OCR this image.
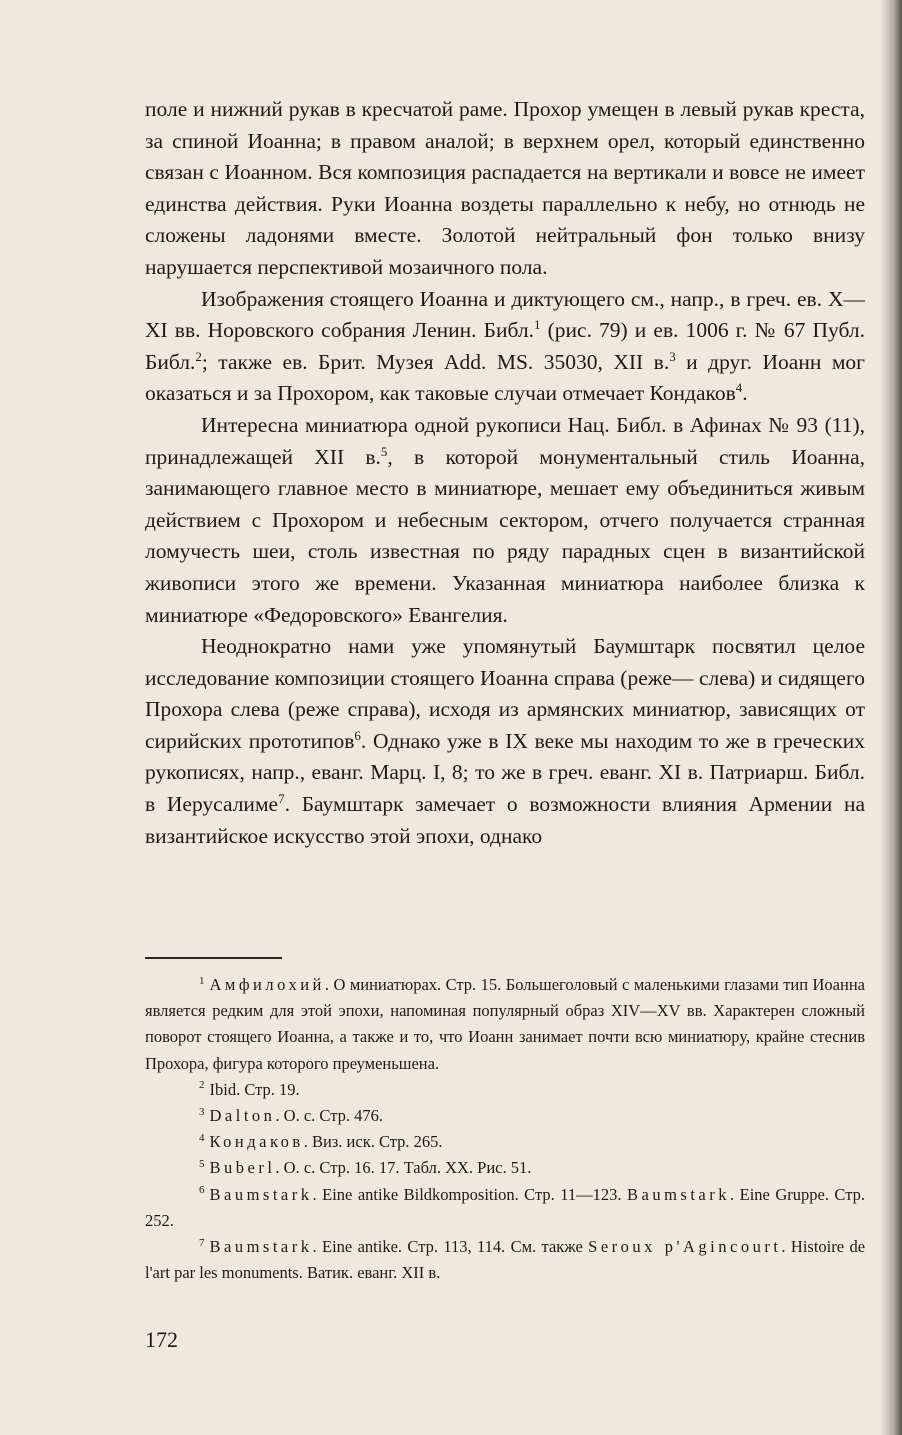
поле и нижний рукав в кресчатой раме. Прохор умещен в левый рукав креста, за спиной Иоанна; в правом аналой; в верхнем орел, который единственно связан с Иоанном. Вся композиция распадается на вертикали и вовсе не имеет единства действия. Руки Иоанна воздеты параллельно к небу, но отнюдь не сложены ладонями вместе. Золотой нейтральный фон только внизу нарушается перспективой мозаичного пола.

Изображения стоящего Иоанна и диктующего см., напр., в греч. ев. X—XI вв. Норовского собрания Ленин. Библ.$^1$ (рис. 79) и ев. 1006 г. № 67 Публ. Библ.$^2$; также ев. Брит. Музея Add. MS. 35030, XII в.$^3$ и друг. Иоанн мог оказаться и за Прохором, как таковые случаи отмечает Кондаков$^4$.

Интересна миниатюра одной рукописи Нац. Библ. в Афинах № 93 (11), принадлежащей XII в.$^5$, в которой монументальный стиль Иоанна, занимающего главное место в миниатюре, мешает ему объединиться живым действием с Прохором и небесным сектором, отчего получается странная ломучесть шеи, столь известная по ряду парадных сцен в византийской живописи этого же времени. Указанная миниатюра наиболее близка к миниатюре «Федоровского» Евангелия.

Неоднократно нами уже упомянутый Баумштарк посвятил целое исследование композиции стоящего Иоанна справа (реже— слева) и сидящего Прохора слева (реже справа), исходя из армянских миниатюр, зависящих от сирийских прототипов$^6$. Однако уже в IX веке мы находим то же в греческих рукописях, напр., еванг. Марц. I, 8; то же в греч. еванг. XI в. Патриарш. Библ. в Иерусалиме$^7$. Баумштарк замечает о возможности влияния Армении на византийское искусство этой эпохи, однако

$^1$ Амфилохий. О миниатюрах. Стр. 15. Большеголовый с маленькими глазами тип Иоанна является редким для этой эпохи, напоминая популярный образ XIV—XV вв. Характерен сложный поворот стоящего Иоанна, а также и то, что Иоанн занимает почти всю миниатюру, крайне стеснив Прохора, фигура которого преуменьшена.

$^2$ Ibid. Стр. 19.

$^3$ Dalton. O. c. Стр. 476.

$^4$ Кондаков. Виз. иск. Стр. 265.

$^5$ Buberl. O. c. Стр. 16. 17. Табл. XX. Рис. 51.

$^6$ Baumstark. Eine antike Bildkomposition. Стр. 11—123. Baumstark. Eine Gruppe. Стр. 252.

$^7$ Baumstark. Eine antike. Стр. 113, 114. См. также Seroux p'Agincourt. Histoire de l'art par les monuments. Ватик. еванг. XII в.

172
